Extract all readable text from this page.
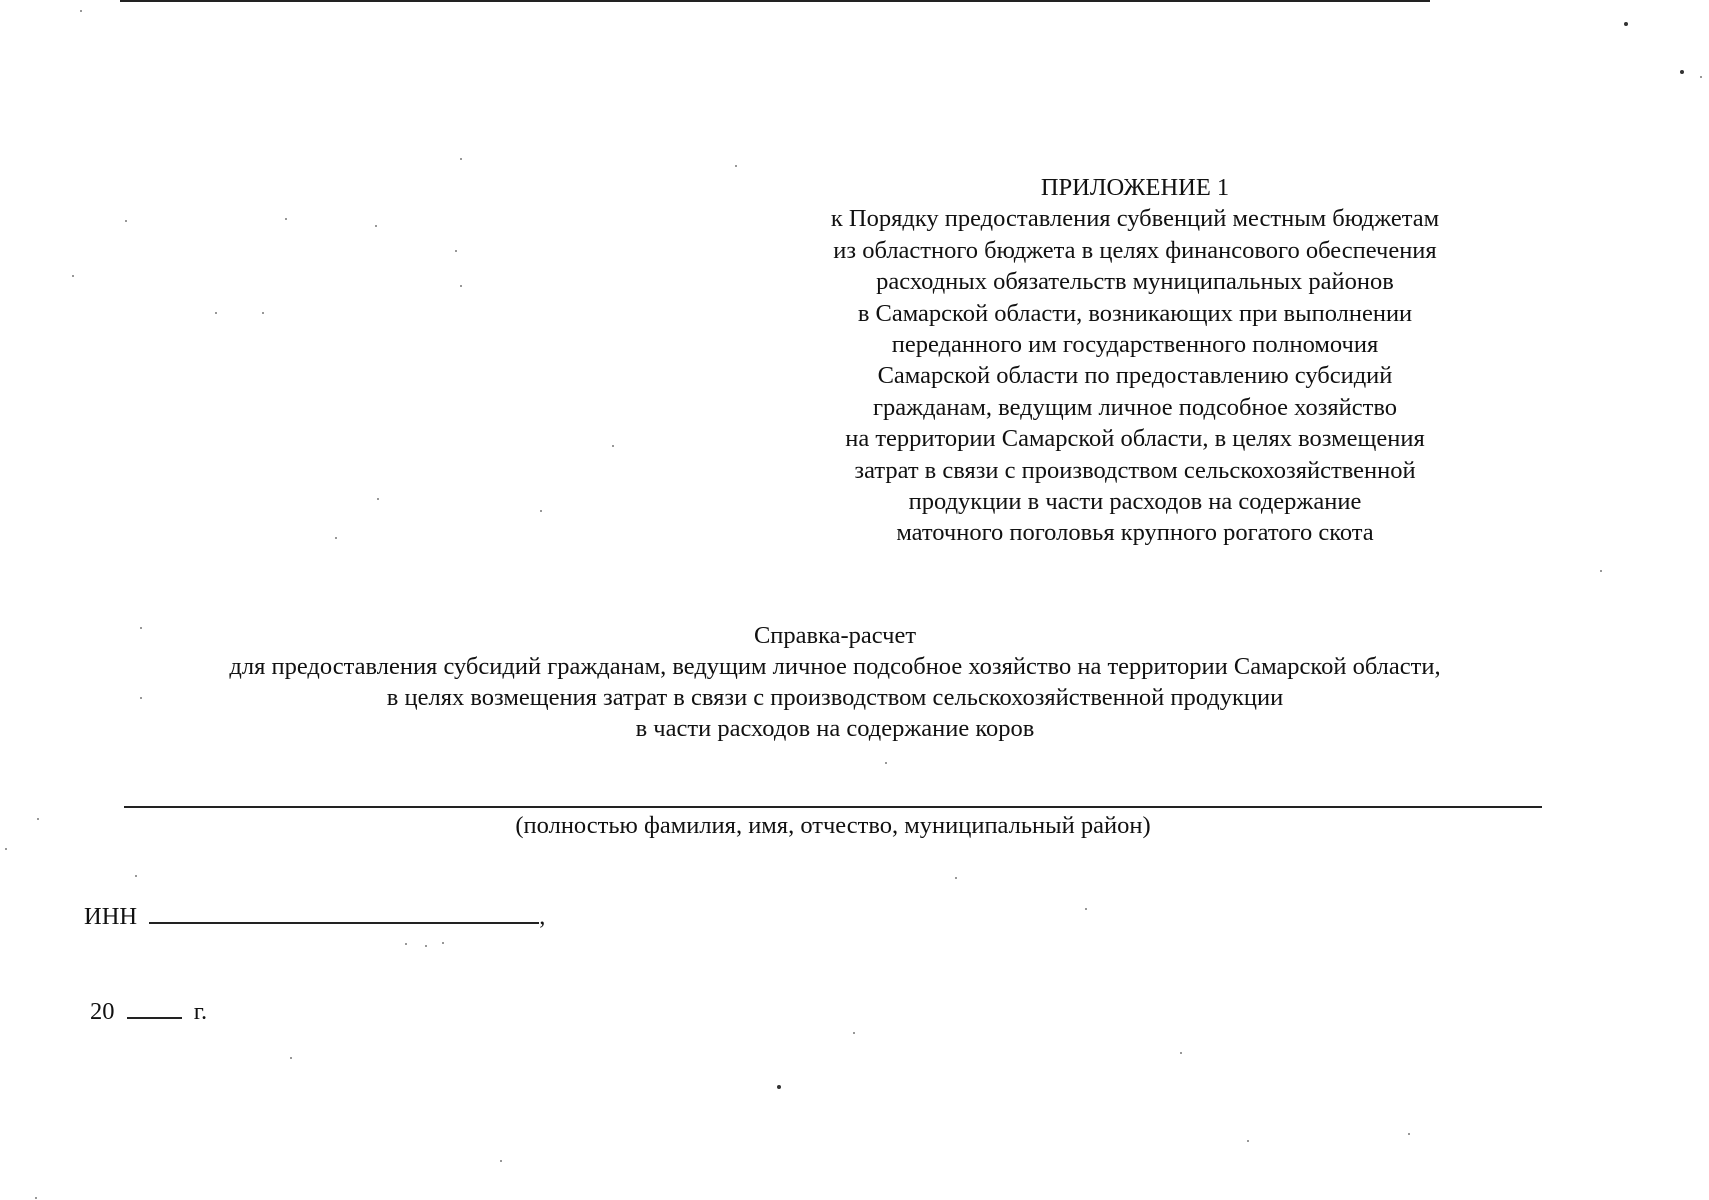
ПРИЛОЖЕНИЕ 1
к Порядку предоставления субвенций местным бюджетам
из областного бюджета в целях финансового обеспечения
расходных обязательств муниципальных районов
в Самарской области, возникающих при выполнении
переданного им государственного полномочия
Самарской области по предоставлению субсидий
гражданам, ведущим личное подсобное хозяйство
на территории Самарской области, в целях возмещения
затрат в связи с производством сельскохозяйственной
продукции в части расходов на содержание
маточного поголовья крупного рогатого скота
Справка-расчет
для предоставления субсидий гражданам, ведущим личное подсобное хозяйство на территории Самарской области,
в целях возмещения затрат в связи с производством сельскохозяйственной продукции
в части расходов на содержание коров
(полностью фамилия, имя, отчество, муниципальный район)
ИНН	,
20	г.
